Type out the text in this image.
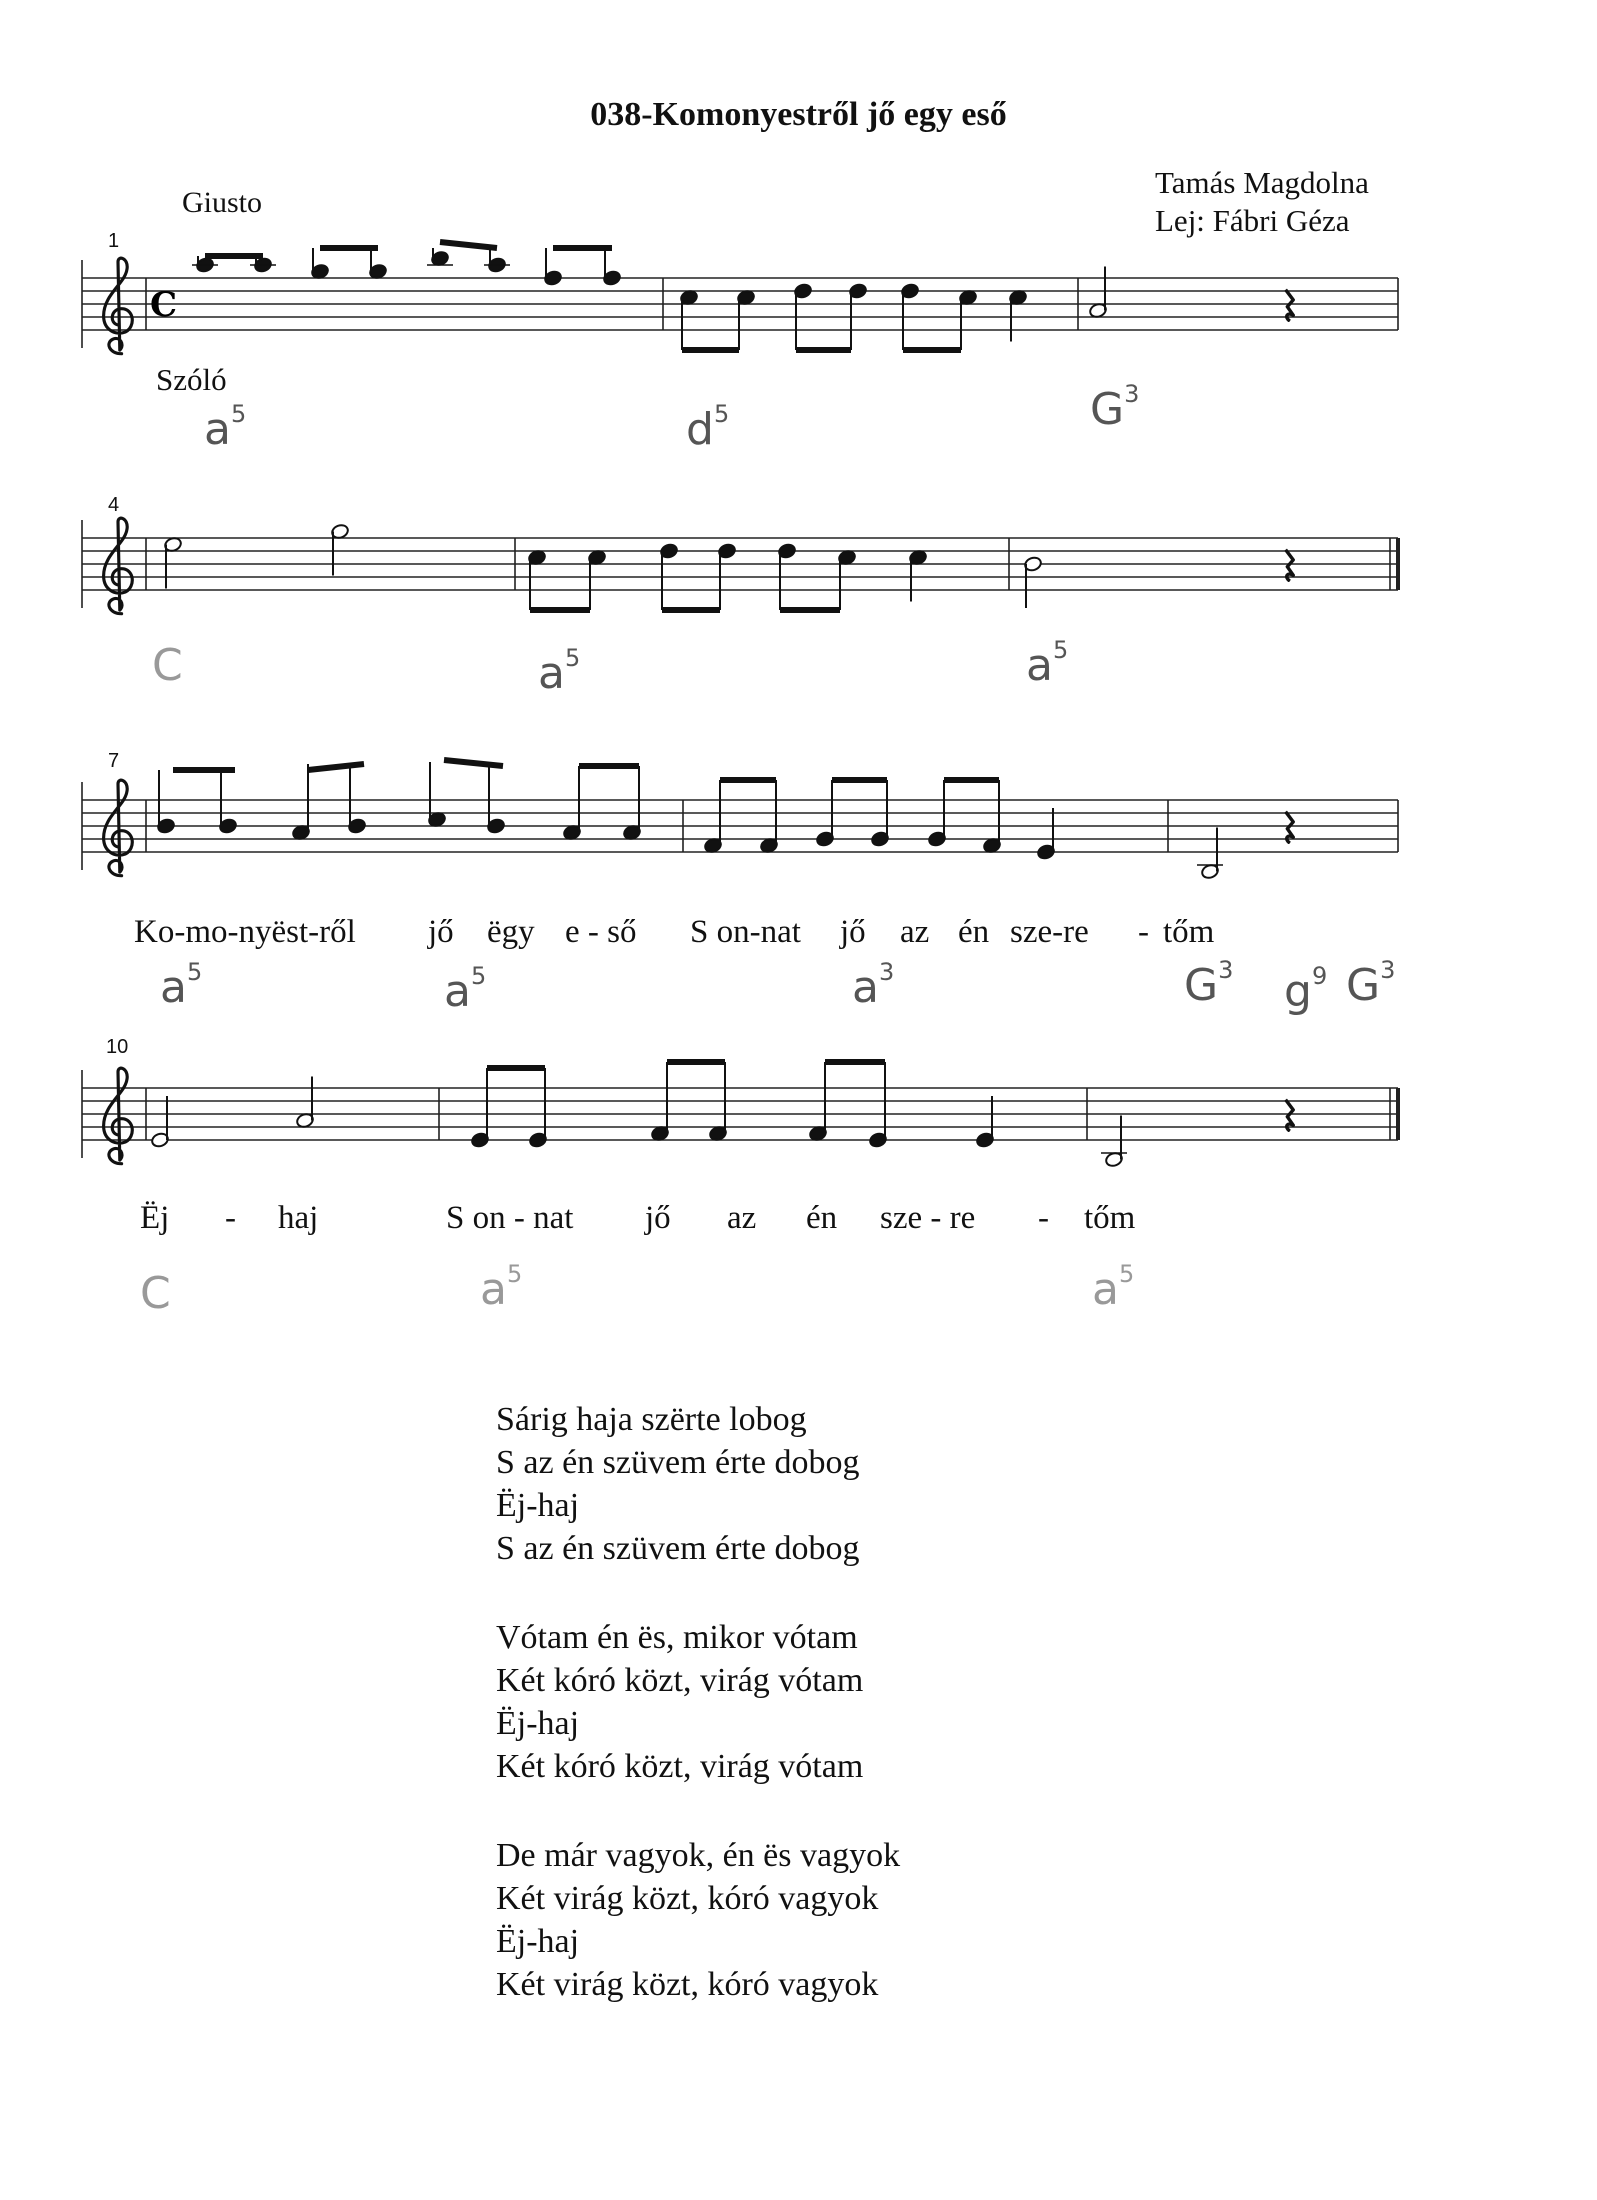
038-Komonyestről jő egy eső
Giusto
Tamás Magdolna
Lej: Fábri Géza
Szóló
1
4
7
10
C
Ko-mo-nyëst-ről jő ëgy e - ső S on-nat jő az én sze-re - tőm
Ëj - haj	S on - nat jő az én sze - re - tőm
$a^5$	$d^5$	$G^3$
C	$a^5$	$a^5$
$a^5$	$a^5$	$a^3$	$G^3$ $g^9$ $G^3$
C	$a^5$	$a^5$
Sárig haja szërte lobog
S az én szüvem érte dobog
Ëj-haj
S az én szüvem érte dobog
Vótam én ës, mikor vótam
Két kóró közt, virág vótam
Ëj-haj
Két kóró közt, virág vótam
De már vagyok, én ës vagyok
Két virág közt, kóró vagyok
Ëj-haj
Két virág közt, kóró vagyok
